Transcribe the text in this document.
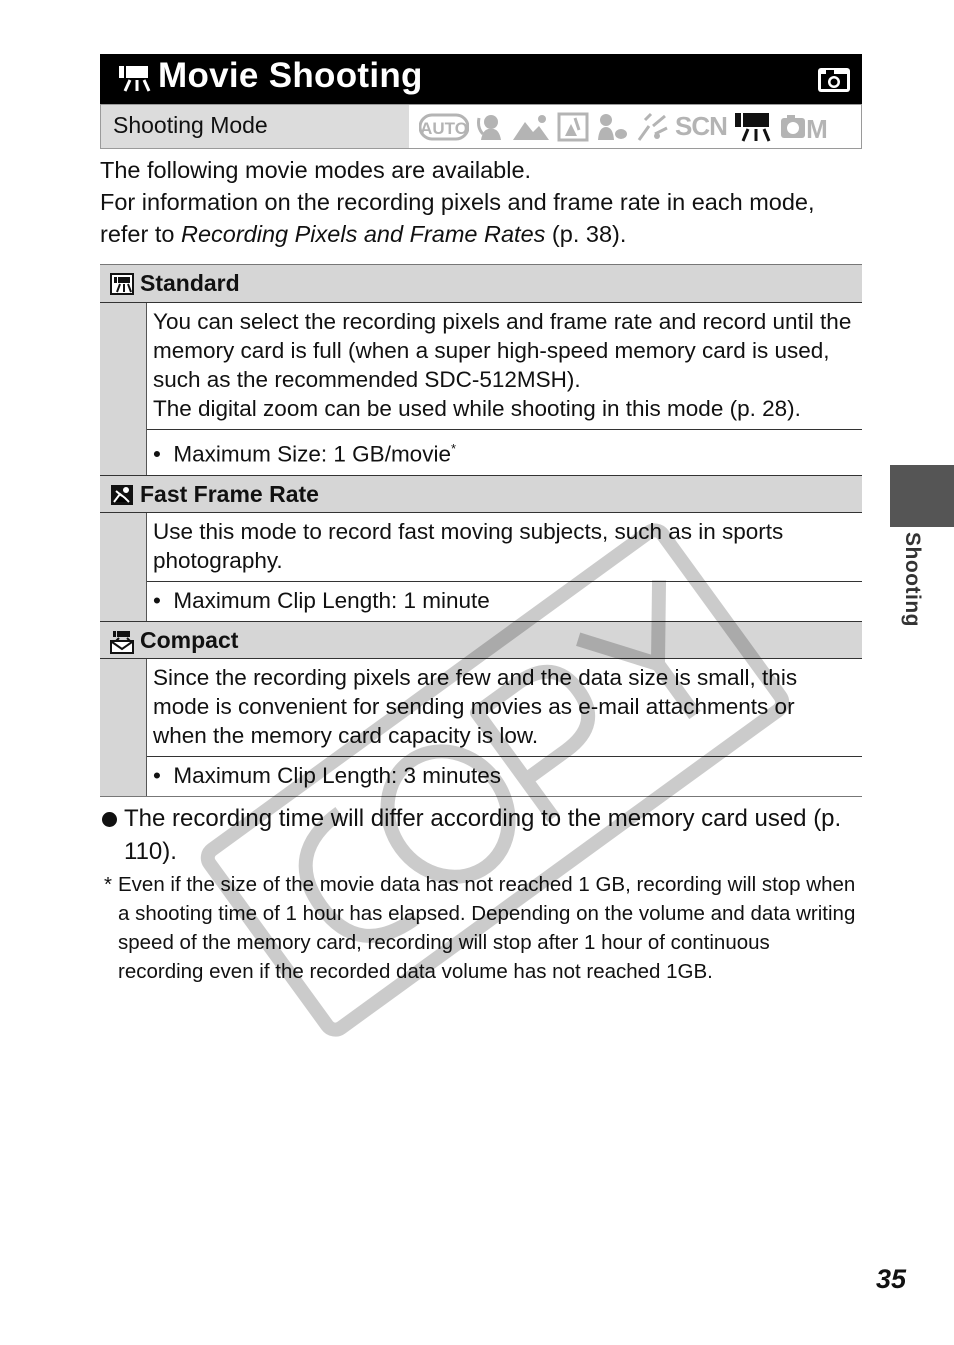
Movie Shooting
Shooting Mode	AUTO	SCN	M

The following movie modes are available.

For information on the recording pixels and frame rate in each mode, refer to Recording Pixels and Frame Rates (p. 38).

Standard
You can select the recording pixels and frame rate and record until the memory card is full (when a super high-speed memory card is used, such as the recommended SDC-512MSH).
The digital zoom can be used while shooting in this mode (p. 28).
•  Maximum Size: 1 GB/movie*
Fast Frame Rate
Use this mode to record fast moving subjects, such as in sports photography.
•  Maximum Clip Length: 1 minute
Compact
Since the recording pixels are few and the data size is small, this mode is convenient for sending movies as e-mail attachments or when the memory card capacity is low.
•  Maximum Clip Length: 3 minutes
The recording time will differ according to the memory card used (p. 110).
* Even if the size of the movie data has not reached 1 GB, recording will stop when a shooting time of 1 hour has elapsed. Depending on the volume and data writing speed of the memory card, recording will stop after 1 hour of continuous recording even if the recorded data volume has not reached 1GB.
Shooting
35
